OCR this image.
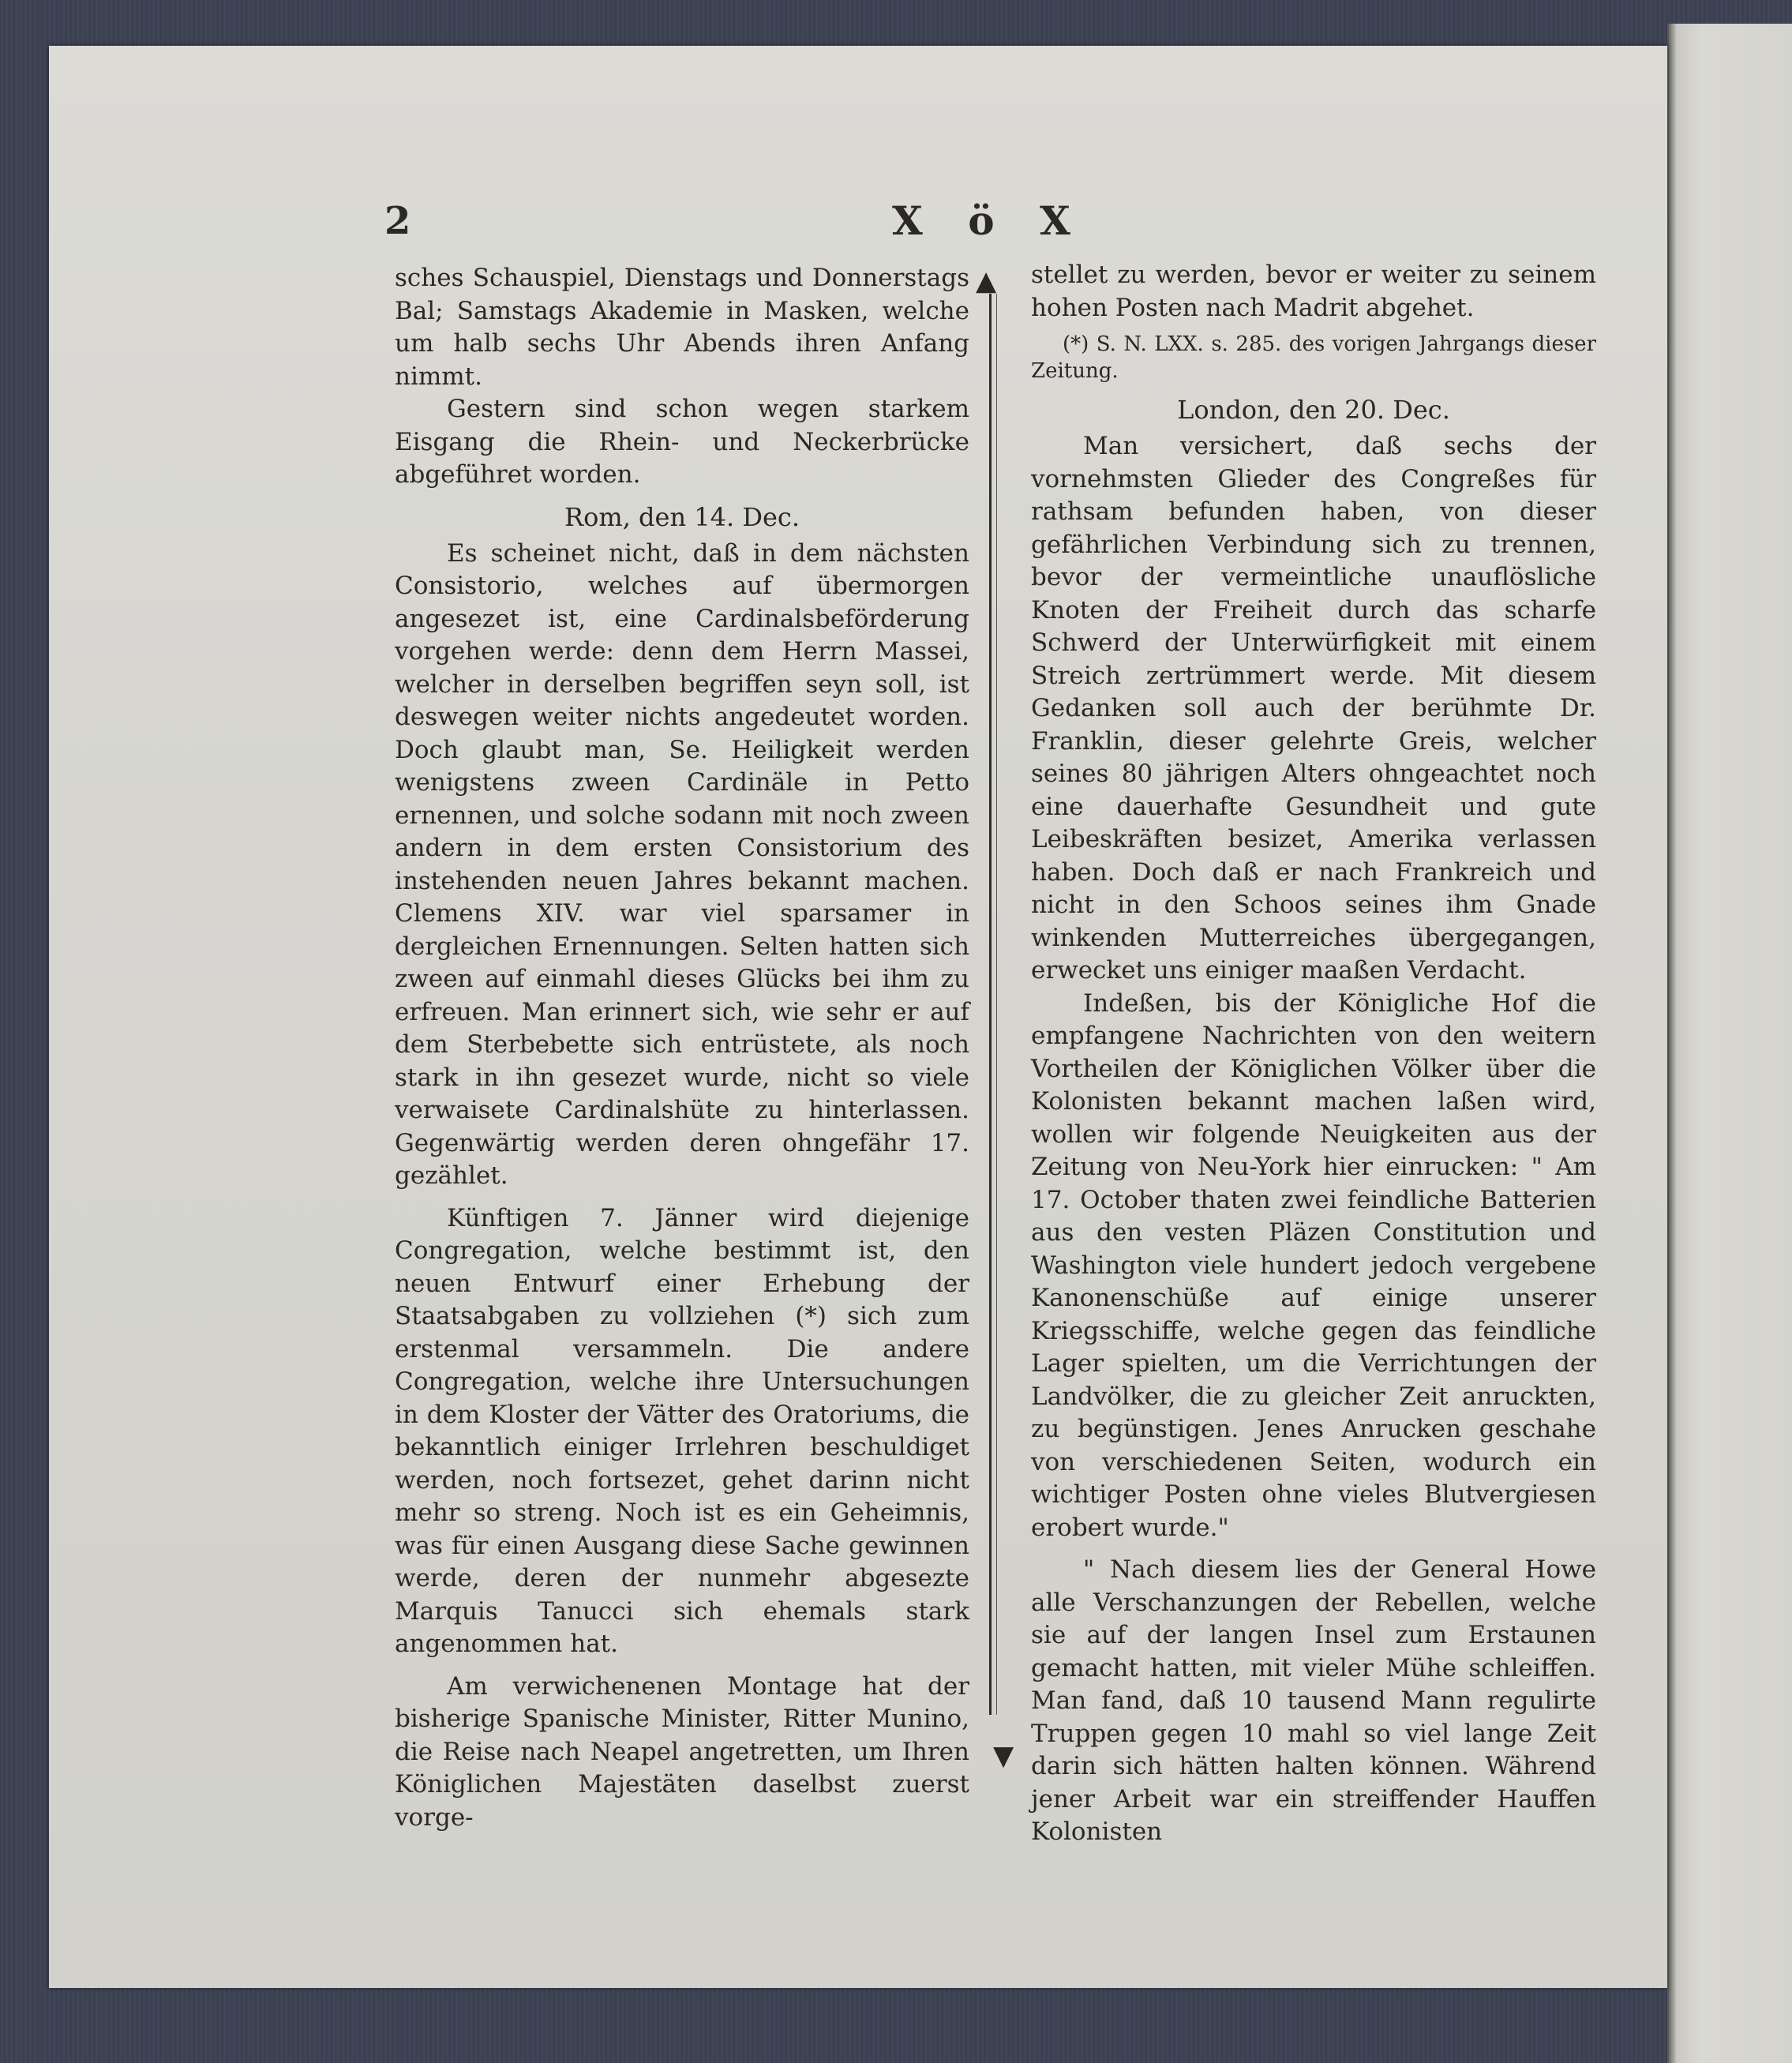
2	X ö X
▲
▼

sches Schauspiel, Dienstags und Donnerstags Bal; Samstags Akademie in Masken, welche um halb sechs Uhr Abends ihren Anfang nimmt.

Gestern sind schon wegen starkem Eisgang die Rhein- und Neckerbrücke abgeführet worden.

Rom, den 14. Dec.

Es scheinet nicht, daß in dem nächsten Consistorio, welches auf übermorgen angesezet ist, eine Cardinalsbeförderung vorgehen werde: denn dem Herrn Massei, welcher in derselben begriffen seyn soll, ist deswegen weiter nichts angedeutet worden. Doch glaubt man, Se. Heiligkeit werden wenigstens zween Cardinäle in Petto ernennen, und solche sodann mit noch zween andern in dem ersten Consistorium des instehenden neuen Jahres bekannt machen. Clemens XIV. war viel sparsamer in dergleichen Ernennungen. Selten hatten sich zween auf einmahl dieses Glücks bei ihm zu erfreuen. Man erinnert sich, wie sehr er auf dem Sterbebette sich entrüstete, als noch stark in ihn gesezet wurde, nicht so viele verwaisete Cardinalshüte zu hinterlassen. Gegenwärtig werden deren ohngefähr 17. gezählet.

Künftigen 7. Jänner wird diejenige Congregation, welche bestimmt ist, den neuen Entwurf einer Erhebung der Staatsabgaben zu vollziehen (*) sich zum erstenmal versammeln. Die andere Congregation, welche ihre Untersuchungen in dem Kloster der Vätter des Oratoriums, die bekanntlich einiger Irrlehren beschuldiget werden, noch fortsezet, gehet darinn nicht mehr so streng. Noch ist es ein Geheimnis, was für einen Ausgang diese Sache gewinnen werde, deren der nunmehr abgesezte Marquis Tanucci sich ehemals stark angenommen hat.

Am verwichenenen Montage hat der bisherige Spanische Minister, Ritter Munino, die Reise nach Neapel angetretten, um Ihren Königlichen Majestäten daselbst zuerst vorge-

stellet zu werden, bevor er weiter zu seinem hohen Posten nach Madrit abgehet.

(*) S. N. LXX. s. 285. des vorigen Jahrgangs dieser Zeitung.

London, den 20. Dec.

Man versichert, daß sechs der vornehmsten Glieder des Congreßes für rathsam befunden haben, von dieser gefährlichen Verbindung sich zu trennen, bevor der vermeintliche unauflösliche Knoten der Freiheit durch das scharfe Schwerd der Unterwürfigkeit mit einem Streich zertrümmert werde. Mit diesem Gedanken soll auch der berühmte Dr. Franklin, dieser gelehrte Greis, welcher seines 80 jährigen Alters ohngeachtet noch eine dauerhafte Gesundheit und gute Leibeskräften besizet, Amerika verlassen haben. Doch daß er nach Frankreich und nicht in den Schoos seines ihm Gnade winkenden Mutterreiches übergegangen, erwecket uns einiger maaßen Verdacht.

Indeßen, bis der Königliche Hof die empfangene Nachrichten von den weitern Vortheilen der Königlichen Völker über die Kolonisten bekannt machen laßen wird, wollen wir folgende Neuigkeiten aus der Zeitung von Neu-York hier einrucken: " Am 17. October thaten zwei feindliche Batterien aus den vesten Pläzen Constitution und Washington viele hundert jedoch vergebene Kanonenschüße auf einige unserer Kriegsschiffe, welche gegen das feindliche Lager spielten, um die Verrichtungen der Landvölker, die zu gleicher Zeit anruckten, zu begünstigen. Jenes Anrucken geschahe von verschiedenen Seiten, wodurch ein wichtiger Posten ohne vieles Blutvergiesen erobert wurde."

" Nach diesem lies der General Howe alle Verschanzungen der Rebellen, welche sie auf der langen Insel zum Erstaunen gemacht hatten, mit vieler Mühe schleiffen. Man fand, daß 10 tausend Mann regulirte Truppen gegen 10 mahl so viel lange Zeit darin sich hätten halten können. Während jener Arbeit war ein streiffender Hauffen Kolonisten
